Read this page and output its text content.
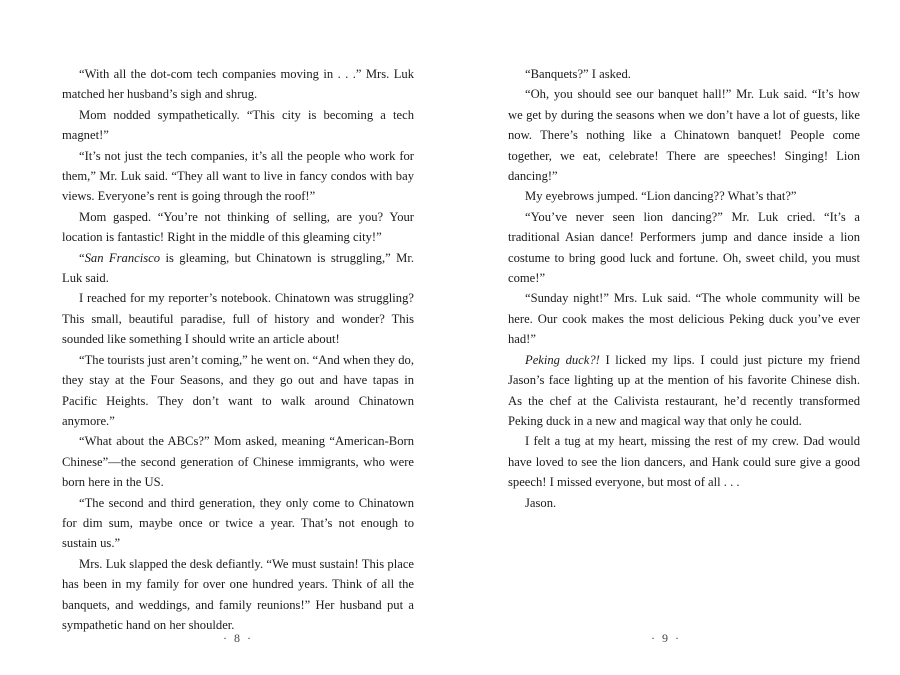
“With all the dot-com tech companies moving in . . .” Mrs. Luk matched her husband’s sigh and shrug.

Mom nodded sympathetically. “This city is becoming a tech magnet!”

“It’s not just the tech companies, it’s all the people who work for them,” Mr. Luk said. “They all want to live in fancy condos with bay views. Everyone’s rent is going through the roof!”

Mom gasped. “You’re not thinking of selling, are you? Your location is fantastic! Right in the middle of this gleaming city!”

“San Francisco is gleaming, but Chinatown is struggling,” Mr. Luk said.

I reached for my reporter’s notebook. Chinatown was struggling? This small, beautiful paradise, full of history and wonder? This sounded like something I should write an article about!

“The tourists just aren’t coming,” he went on. “And when they do, they stay at the Four Seasons, and they go out and have tapas in Pacific Heights. They don’t want to walk around Chinatown anymore.”

“What about the ABCs?” Mom asked, meaning “American-Born Chinese”—the second generation of Chinese immigrants, who were born here in the US.

“The second and third generation, they only come to Chinatown for dim sum, maybe once or twice a year. That’s not enough to sustain us.”

Mrs. Luk slapped the desk defiantly. “We must sustain! This place has been in my family for over one hundred years. Think of all the banquets, and weddings, and family reunions!” Her husband put a sympathetic hand on her shoulder.

· 8 ·

“Banquets?” I asked.

“Oh, you should see our banquet hall!” Mr. Luk said. “It’s how we get by during the seasons when we don’t have a lot of guests, like now. There’s nothing like a Chinatown banquet! People come together, we eat, celebrate! There are speeches! Singing! Lion dancing!”

My eyebrows jumped. “Lion dancing?? What’s that?”

“You’ve never seen lion dancing?” Mr. Luk cried. “It’s a traditional Asian dance! Performers jump and dance inside a lion costume to bring good luck and fortune. Oh, sweet child, you must come!”

“Sunday night!” Mrs. Luk said. “The whole community will be here. Our cook makes the most delicious Peking duck you’ve ever had!”

Peking duck?! I licked my lips. I could just picture my friend Jason’s face lighting up at the mention of his favorite Chinese dish. As the chef at the Calivista restaurant, he’d recently transformed Peking duck in a new and magical way that only he could.

I felt a tug at my heart, missing the rest of my crew. Dad would have loved to see the lion dancers, and Hank could sure give a good speech! I missed everyone, but most of all . . .

Jason.

· 9 ·
